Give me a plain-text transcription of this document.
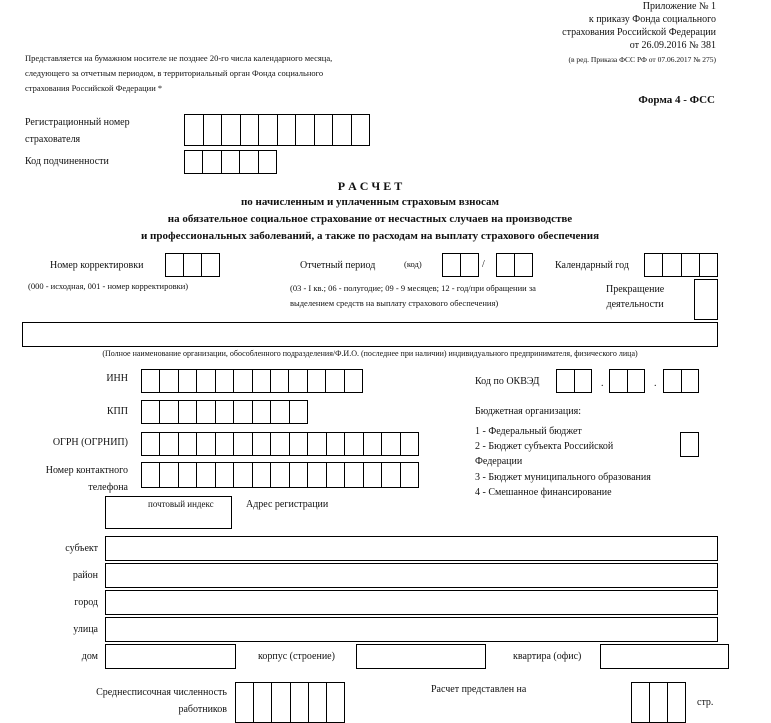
Приложение № 1
к приказу Фонда социального
страхования Российской Федерации
от 26.09.2016 № 381
(в ред. Приказа ФСС РФ от 07.06.2017 № 275)
Представляется на бумажном носителе не позднее 20-го числа календарного месяца,
следующего за отчетным периодом, в территориальный орган Фонда социального
страхования Российской Федерации *
Форма 4 - ФСС
Регистрационный номер
страхователя
Код подчиненности
Р А С Ч Е Т
по начисленным и уплаченным страховым взносам
на обязательное социальное страхование от несчастных случаев на производстве
и профессиональных заболеваний, а также по расходам на выплату страхового обеспечения
Номер корректировки
(000 - исходная, 001 - номер корректировки)
Отчетный период	(код)	/
(03 - I кв.; 06 - полугодие; 09 - 9 месяцев; 12 - год/при обращении за
выделением средств на выплату страхового обеспечения)
Календарный год
Прекращение
деятельности
(Полное наименование организации, обособленного подразделения/Ф.И.О. (последнее при наличии) индивидуального предпринимателя, физического лица)
ИНН
КПП
ОГРН (ОГРНИП)
Номер контактного
телефона
Код по ОКВЭД	.	.
Бюджетная организация:
1 - Федеральный бюджет
2 - Бюджет субъекта Российской
Федерации
3 - Бюджет муниципального образования
4 - Смешанное финансирование
почтовый индекс	Адрес регистрации
субъект
район
город
улица
дом	корпус (строение)	квартира (офис)
Среднесписочная численность
работников
Расчет представлен на
стр.
